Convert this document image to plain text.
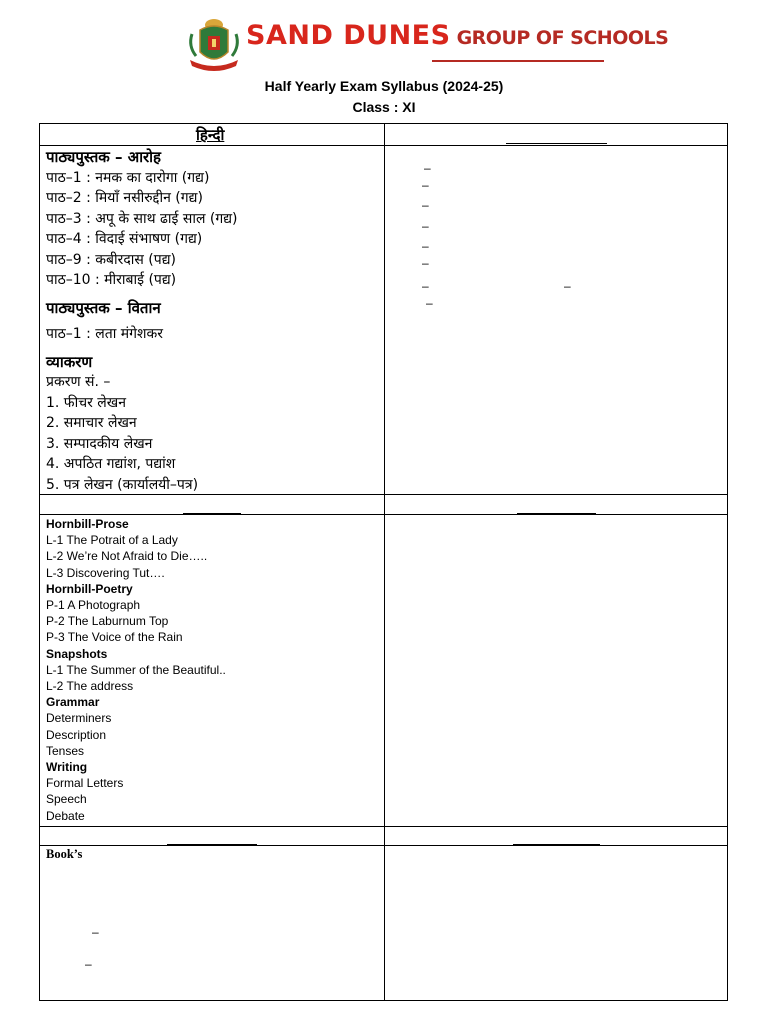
SAND DUNES GROUP OF SCHOOLS
Half Yearly Exam Syllabus (2024-25)
Class : XI
हिन्दी
पाठ्यपुस्तक – आरोह
पाठ–1 : नमक का दारोगा (गद्य)
पाठ–2 : मियाँ नसीरुद्दीन (गद्य)
पाठ–3 : अपू के साथ ढाई साल (गद्य)
पाठ–4 : विदाई संभाषण (गद्य)
पाठ–9 : कबीरदास (पद्य)
पाठ–10 : मीराबाई (पद्य)
पाठ्यपुस्तक – वितान
पाठ–1 : लता मंगेशकर
व्याकरण
प्रकरण सं. –
1. फीचर लेखन
2. समाचार लेखन
3. सम्पादकीय लेखन
4. अपठित गद्यांश, पद्यांश
5. पत्र लेखन (कार्यालयी–पत्र)
–
–
–
–
–
–
–	–
–
Hornbill-Prose
L-1 The Potrait of a Lady
L-2 We’re Not Afraid to Die…..
L-3 Discovering Tut….
Hornbill-Poetry
P-1 A Photograph
P-2 The Laburnum Top
P-3 The Voice of the Rain
Snapshots
L-1 The Summer of the Beautiful..
L-2 The address
Grammar
Determiners
Description
Tenses
Writing
Formal Letters
Speech
Debate
Book’s
–
–
